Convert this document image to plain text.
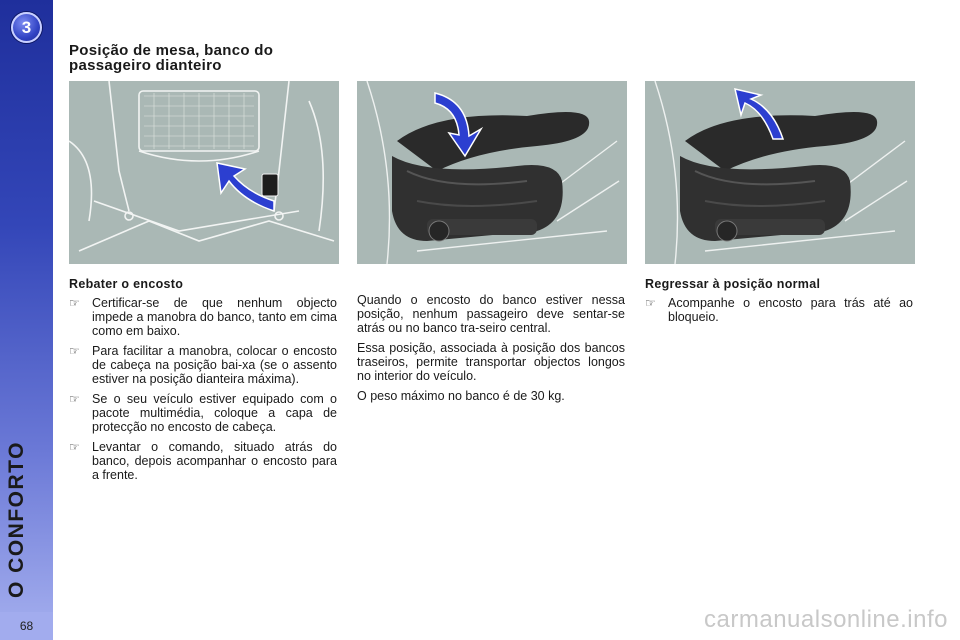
3
O CONFORTO
68
Posição de mesa, banco do
passageiro dianteiro
Rebater o encosto
☞ Certificar-se de que nenhum objecto impede a manobra do banco, tanto em cima como em baixo.

☞ Para facilitar a manobra, colocar o encosto de cabeça na posição bai-xa (se o assento estiver na posição dianteira máxima).

☞ Se o seu veículo estiver equipado com o pacote multimédia, coloque a capa de protecção no encosto de cabeça.

☞ Levantar o comando, situado atrás do banco, depois acompanhar o encosto para a frente.

Quando o encosto do banco estiver nessa posição, nenhum passageiro deve sentar-se atrás ou no banco tra-seiro central.

Essa posição, associada à posição dos bancos traseiros, permite transportar objectos longos no interior do veículo.

O peso máximo no banco é de 30 kg.

Regressar à posição normal
☞ Acompanhe o encosto para trás até ao bloqueio.

carmanualsonline.info
